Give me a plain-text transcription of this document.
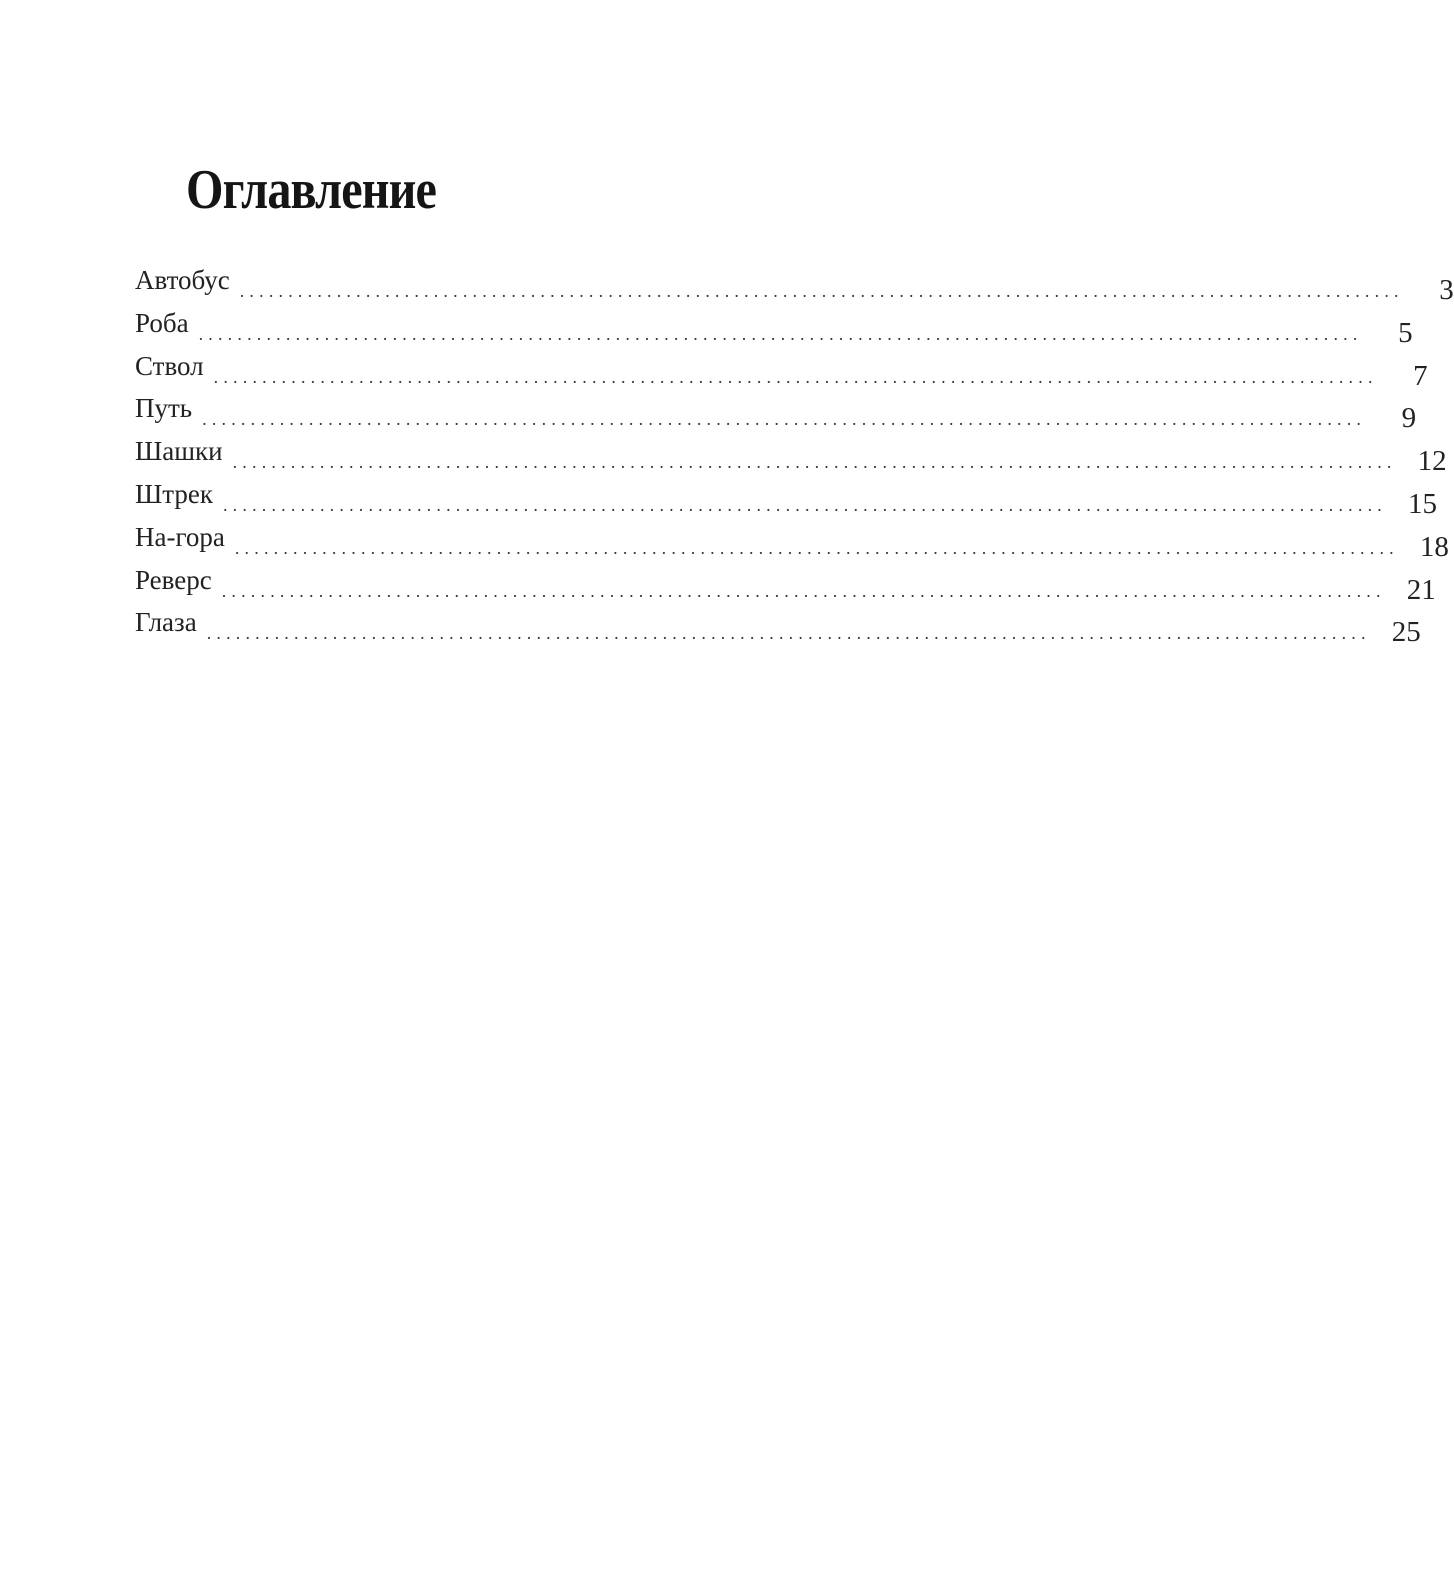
Оглавление
Автобус ........................................................................................................................	3
Роба ........................................................................................................................	5
Ствол ........................................................................................................................	7
Путь ........................................................................................................................	9
Шашки ........................................................................................................................ 12
Штрек ........................................................................................................................ 15
На-гора ........................................................................................................................ 18
Реверс ........................................................................................................................ 21
Глаза ........................................................................................................................ 25
